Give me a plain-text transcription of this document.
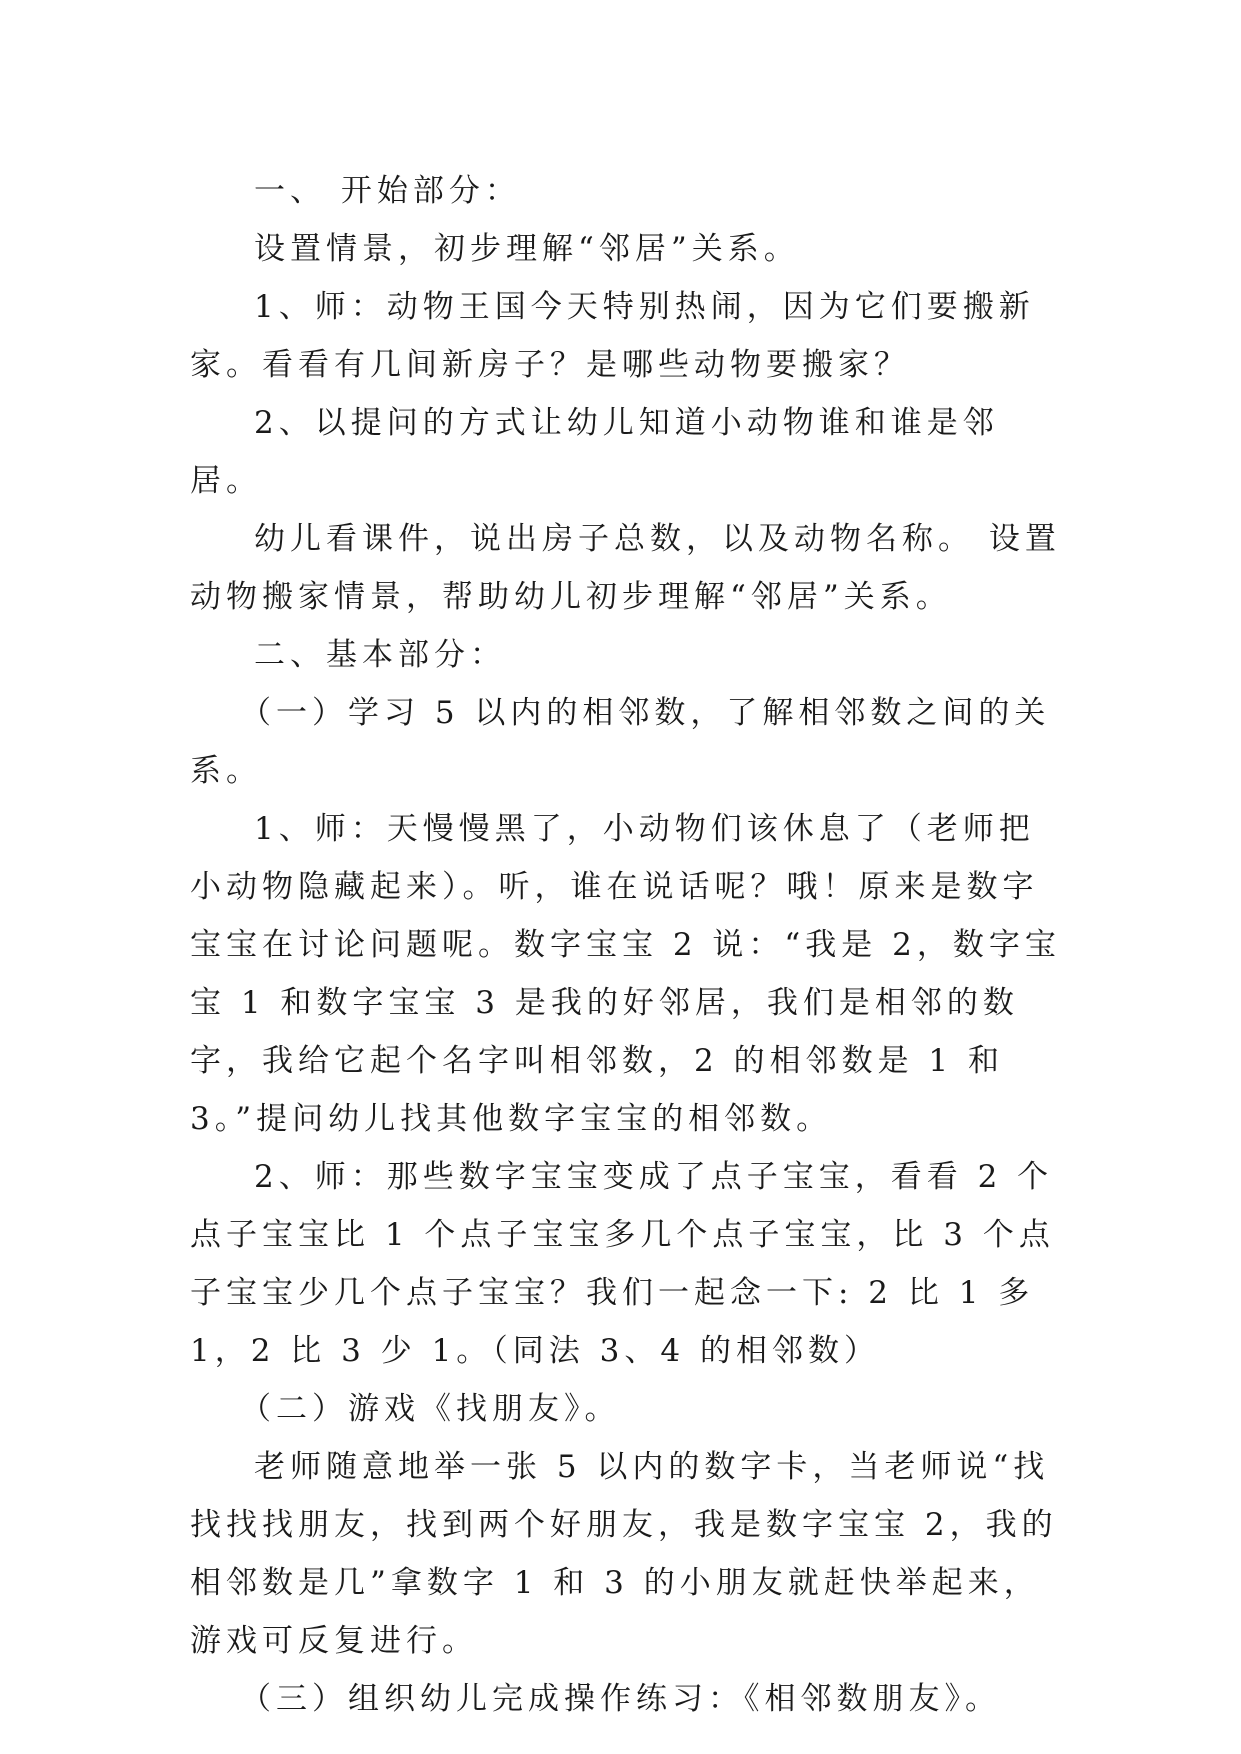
一、 开始部分：

设置情景，初步理解“邻居”关系。

1、师：动物王国今天特别热闹，因为它们要搬新家。看看有几间新房子？是哪些动物要搬家？

2、以提问的方式让幼儿知道小动物谁和谁是邻居。

幼儿看课件，说出房子总数，以及动物名称。 设置动物搬家情景，帮助幼儿初步理解“邻居”关系。

二、基本部分：

（一）学习 5 以内的相邻数，了解相邻数之间的关系。

1、师：天慢慢黑了，小动物们该休息了（老师把小动物隐藏起来）。听，谁在说话呢？哦！原来是数字宝宝在讨论问题呢。数字宝宝 2 说：“我是 2，数字宝宝 1 和数字宝宝 3 是我的好邻居，我们是相邻的数字，我给它起个名字叫相邻数，2 的相邻数是 1 和 3。”提问幼儿找其他数字宝宝的相邻数。

2、师：那些数字宝宝变成了点子宝宝，看看 2 个点子宝宝比 1 个点子宝宝多几个点子宝宝，比 3 个点子宝宝少几个点子宝宝？我们一起念一下: 2 比 1 多 1，2 比 3 少 1。（同法 3、4 的相邻数）

（二）游戏《找朋友》。

老师随意地举一张 5 以内的数字卡，当老师说“找找找找朋友，找到两个好朋友，我是数字宝宝 2，我的相邻数是几”拿数字 1 和 3 的小朋友就赶快举起来，游戏可反复进行。

（三）组织幼儿完成操作练习：《相邻数朋友》。
